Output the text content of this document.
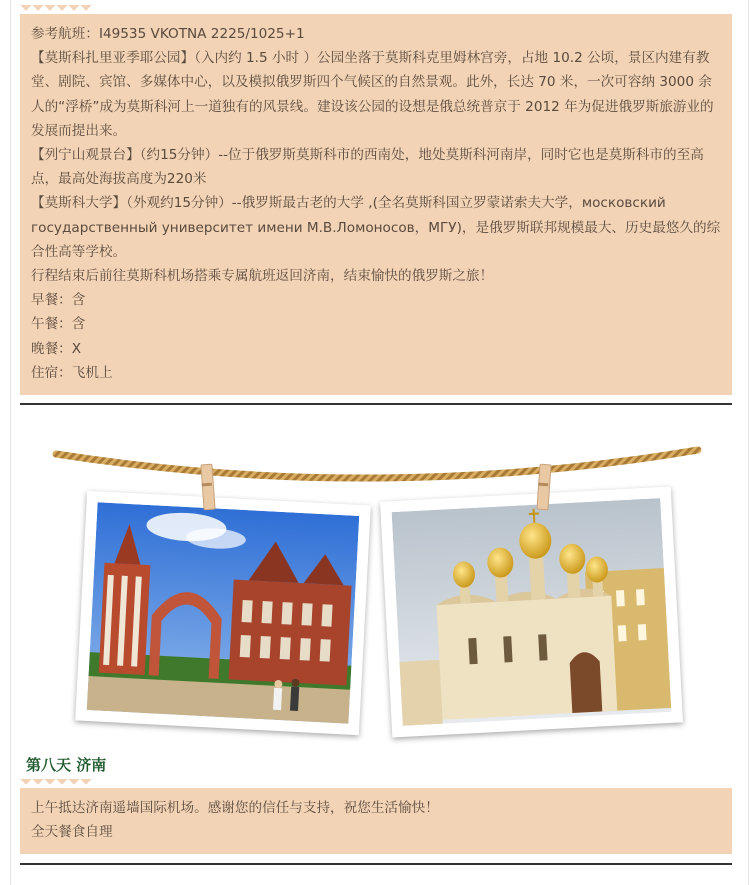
参考航班：I49535 VKOTNA 2225/1025+1

【莫斯科扎里亚季耶公园】（入内约 1.5 小时 ）公园坐落于莫斯科克里姆林宫旁，占地 10.2 公顷，景区内建有教堂、剧院、宾馆、多媒体中心，以及模拟俄罗斯四个气候区的自然景观。此外，长达 70 米，一次可容纳 3000 余人的“浮桥”成为莫斯科河上一道独有的风景线。建设该公园的设想是俄总统普京于 2012 年为促进俄罗斯旅游业的发展而提出来。

【列宁山观景台】（约15分钟）--位于俄罗斯莫斯科市的西南处，地处莫斯科河南岸，同时它也是莫斯科市的至高点，最高处海拔高度为220米

【莫斯科大学】（外观约15分钟）--俄罗斯最古老的大学 ,(全名莫斯科国立罗蒙诺索夫大学，московский государственный университет имени М.В.Ломоносов，МГУ)，是俄罗斯联邦规模最大、历史最悠久的综合性高等学校。

行程结束后前往莫斯科机场搭乘专属航班返回济南，结束愉快的俄罗斯之旅！

早餐：含

午餐：含

晚餐：X

住宿：飞机上

第八天 济南

上午抵达济南遥墙国际机场。感谢您的信任与支持，祝您生活愉快！

全天餐食自理
